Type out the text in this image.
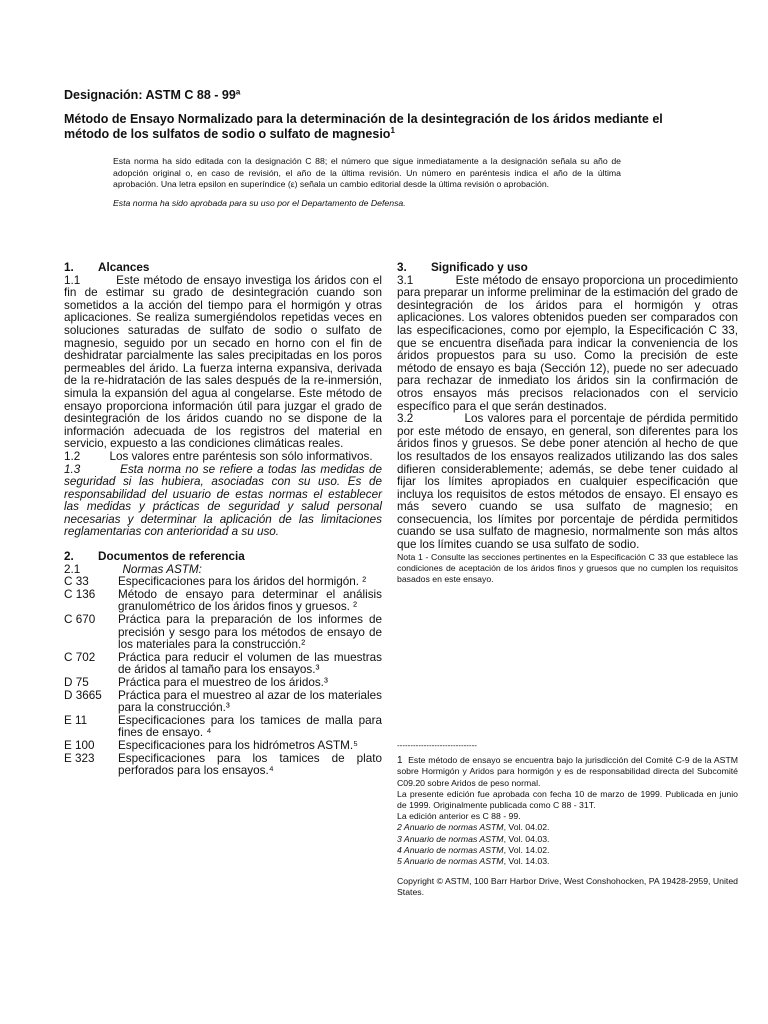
Designación: ASTM C 88 - 99ª
Método de Ensayo Normalizado para la determinación de la desintegración de los áridos mediante el método de los sulfatos de sodio o sulfato de magnesio$^1$

Esta norma ha sido editada con la designación C 88; el número que sigue inmediatamente a la designación señala su año de adopción original o, en caso de revisión, el año de la última revisión. Un número en paréntesis indica el año de la última aprobación. Una letra epsilon en superíndice (ε) señala un cambio editorial desde la última revisión o aprobación.

Esta norma ha sido aprobada para su uso por el Departamento de Defensa.

1. Alcances

1.1	Este método de ensayo investiga los áridos con el fin de estimar su grado de desintegración cuando son sometidos a la acción del tiempo para el hormigón y otras aplicaciones. Se realiza sumergiéndolos repetidas veces en soluciones saturadas de sulfato de sodio o sulfato de magnesio, seguido por un secado en horno con el fin de deshidratar parcialmente las sales precipitadas en los poros permeables del árido. La fuerza interna expansiva, derivada de la re-hidratación de las sales después de la re-inmersión, simula la expansión del agua al congelarse. Este método de ensayo proporciona información útil para juzgar el grado de desintegración de los áridos cuando no se dispone de la información adecuada de los registros del material en servicio, expuesto a las condiciones climáticas reales.

1.2 Los valores entre paréntesis son sólo informativos.

1.3	Esta norma no se refiere a todas las medidas de seguridad si las hubiera, asociadas con su uso. Es de responsabilidad del usuario de estas normas el establecer las medidas y prácticas de seguridad y salud personal necesarias y determinar la aplicación de las limitaciones reglamentarias con anterioridad a su uso.

2. Documentos de referencia

2.1	Normas ASTM:

C 33	Especificaciones para los áridos del hormigón. ²
C 136	Método de ensayo para determinar el análisis granulométrico de los áridos finos y gruesos. ²
C 670	Práctica para la preparación de los informes de precisión y sesgo para los métodos de ensayo de los materiales para la construcción.²
C 702	Práctica para reducir el volumen de las muestras de áridos al tamaño para los ensayos.³
D 75	Práctica para el muestreo de los áridos.³
D 3665	Práctica para el muestreo al azar de los materiales para la construcción.³
E 11	Especificaciones para los tamices de malla para fines de ensayo. ⁴
E 100	Especificaciones para los hidrómetros ASTM.⁵
E 323	Especificaciones para los tamices de plato perforados para los ensayos.⁴

3. Significado y uso

3.1	Este método de ensayo proporciona un procedimiento para preparar un informe preliminar de la estimación del grado de desintegración de los áridos para el hormigón y otras aplicaciones. Los valores obtenidos pueden ser comparados con las especificaciones, como por ejemplo, la Especificación C 33, que se encuentra diseñada para indicar la conveniencia de los áridos propuestos para su uso. Como la precisión de este método de ensayo es baja (Sección 12), puede no ser adecuado para rechazar de inmediato los áridos sin la confirmación de otros ensayos más precisos relacionados con el servicio específico para el que serán destinados.

3.2	Los valores para el porcentaje de pérdida permitido por este método de ensayo, en general, son diferentes para los áridos finos y gruesos. Se debe poner atención al hecho de que los resultados de los ensayos realizados utilizando las dos sales difieren considerablemente; además, se debe tener cuidado al fijar los límites apropiados en cualquier especificación que incluya los requisitos de estos métodos de ensayo. El ensayo es más severo cuando se usa sulfato de magnesio; en consecuencia, los límites por porcentaje de pérdida permitidos cuando se usa sulfato de magnesio, normalmente son más altos que los límites cuando se usa sulfato de sodio.

Nota 1 - Consulte las secciones pertinentes en la Especificación C 33 que establece las condiciones de aceptación de los áridos finos y gruesos que no cumplen los requisitos basados en este ensayo.

------------------------------

1 Este método de ensayo se encuentra bajo la jurisdicción del Comité C-9 de la ASTM sobre Hormigón y Aridos para hormigón y es de responsabilidad directa del Subcomité C09.20 sobre Aridos de peso normal.

La presente edición fue aprobada con fecha 10 de marzo de 1999. Publicada en junio de 1999. Originalmente publicada como C 88 - 31T.

La edición anterior es C 88 - 99.

2 Anuario de normas ASTM, Vol. 04.02.

3 Anuario de normas ASTM, Vol. 04.03.

4 Anuario de normas ASTM, Vol. 14.02.

5 Anuario de normas ASTM, Vol. 14.03.

Copyright © ASTM, 100 Barr Harbor Drive, West Conshohocken, PA 19428-2959, United States.
